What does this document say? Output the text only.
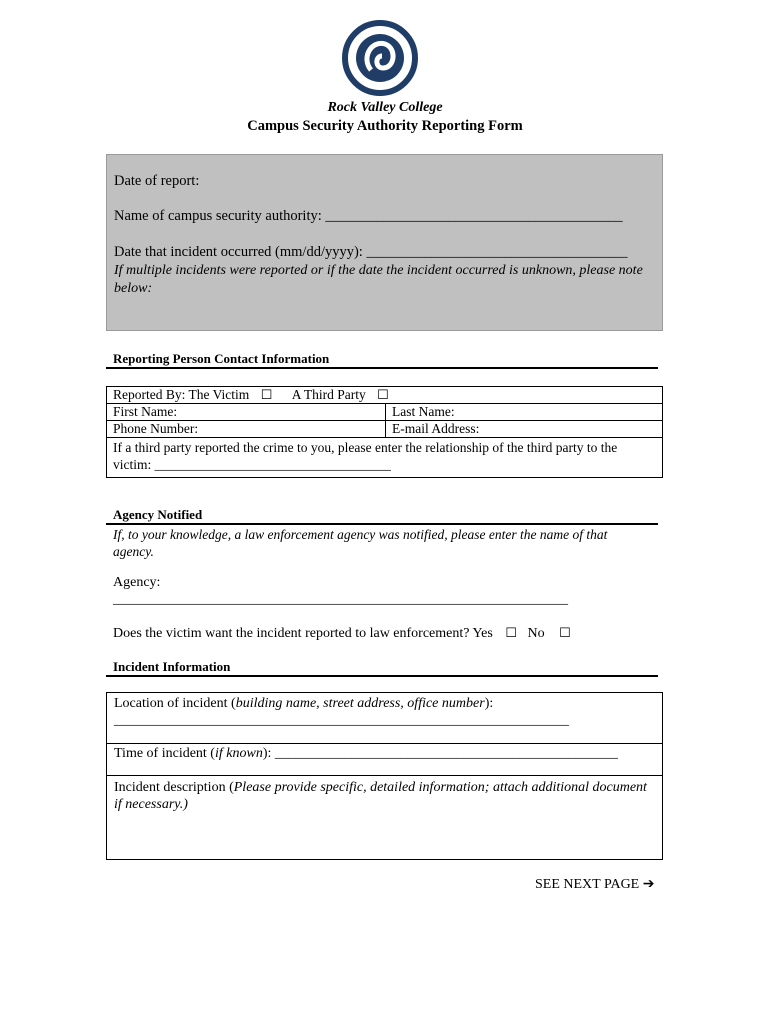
Rock Valley College
Campus Security Authority Reporting Form
Date of report:
Name of campus security authority: _________________________________________
Date that incident occurred (mm/dd/yyyy): ____________________________________
If multiple incidents were reported or if the date the incident occurred is unknown, please note below:
Reporting Person Contact Information
Reported By: The Victim ☐ A Third Party ☐	
First Name:	Last Name:
Phone Number:	E-mail Address:
If a third party reported the crime to you, please enter the relationship of the third party to the victim: ___________________________________	
Agency Notified
If, to your knowledge, a law enforcement agency was notified, please enter the name of that agency.
Agency:
_________________________________________________________________
Does the victim want the incident reported to law enforcement? Yes ☐ No ☐
Incident Information
Location of incident (building name, street address, office number):
_________________________________________________________________
Time of incident (if known): _________________________________________________
Incident description (Please provide specific, detailed information; attach additional document if necessary.)
SEE NEXT PAGE ➔
